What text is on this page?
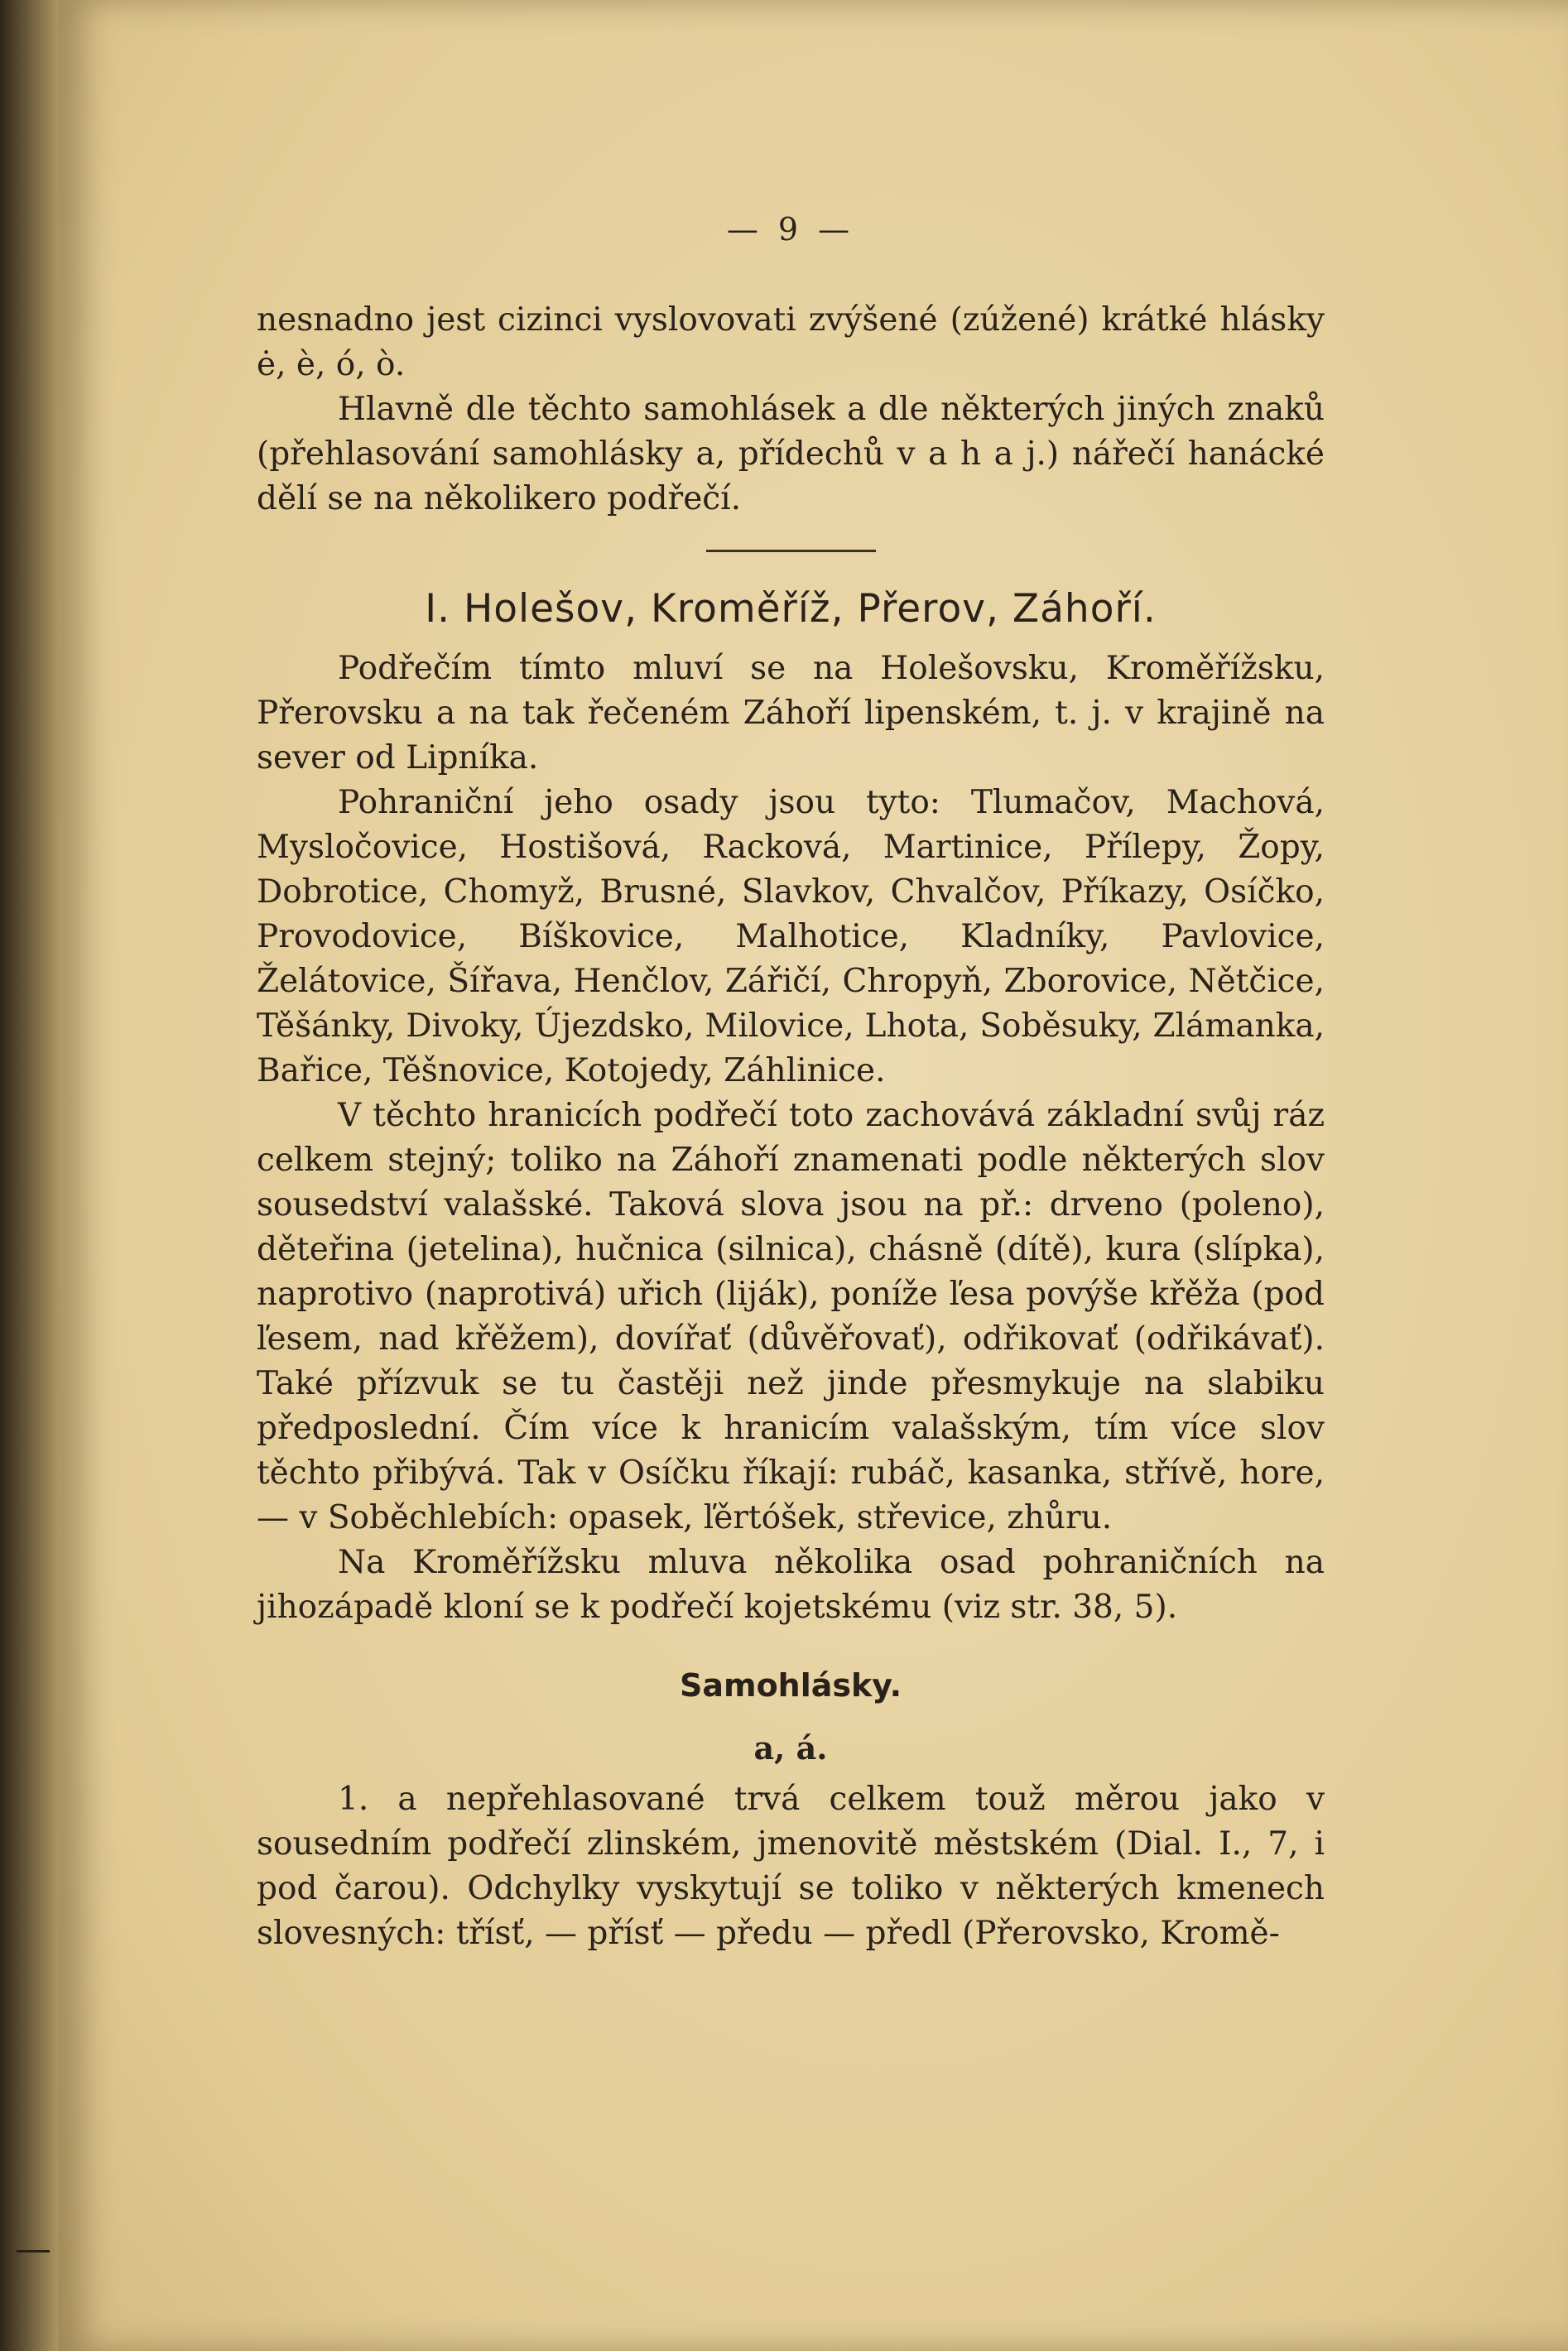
— 9 —

nesnadno jest cizinci vyslovovati zvýšené (zúžené) krátké hlásky ė, è, ó, ò.

Hlavně dle těchto samohlásek a dle některých jiných znaků (přehlasování samohlásky a, přídechů v a h a j.) nářečí hanácké dělí se na několikero podřečí.

I. Holešov, Kroměříž, Přerov, Záhoří.

Podřečím tímto mluví se na Holešovsku, Kroměřížsku, Přerovsku a na tak řečeném Záhoří lipenském, t. j. v krajině na sever od Lipníka.

Pohraniční jeho osady jsou tyto: Tlumačov, Machová, Mysločovice, Hostišová, Racková, Martinice, Přílepy, Žopy, Dobrotice, Chomyž, Brusné, Slavkov, Chvalčov, Příkazy, Osíčko, Provodovice, Bíškovice, Malhotice, Kladníky, Pavlovice, Želátovice, Šířava, Henčlov, Zářičí, Chropyň, Zborovice, Nětčice, Těšánky, Divoky, Újezdsko, Milovice, Lhota, Soběsuky, Zlámanka, Bařice, Těšnovice, Kotojedy, Záhlinice.

V těchto hranicích podřečí toto zachovává základní svůj ráz celkem stejný; toliko na Záhoří znamenati podle některých slov sousedství valašské. Taková slova jsou na př.: drveno (poleno), děteřina (jetelina), hučnica (silnica), chásně (dítě), kura (slípka), naprotivo (naprotivá) uřich (liják), poníže ľesa povýše křěža (pod ľesem, nad křěžem), dovířať (důvěřovať), odřikovať (odřikávať). Také přízvuk se tu častěji než jinde přesmykuje na slabiku předposlední. Čím více k hranicím valašským, tím více slov těchto přibývá. Tak v Osíčku říkají: rubáč, kasanka, střívě, hore, — v Soběchlebích: opasek, ľěrtóšek, střevice, zhůru.

Na Kroměřížsku mluva několika osad pohraničních na jihozápadě kloní se k podřečí kojetskému (viz str. 38, 5).

Samohlásky.
a, á.

1. a nepřehlasované trvá celkem touž měrou jako v sousedním podřečí zlinském, jmenovitě městském (Dial. I., 7, i pod čarou). Odchylky vyskytují se toliko v některých kmenech slovesných: třísť, — přísť — předu — předl (Přerovsko, Kromě-
